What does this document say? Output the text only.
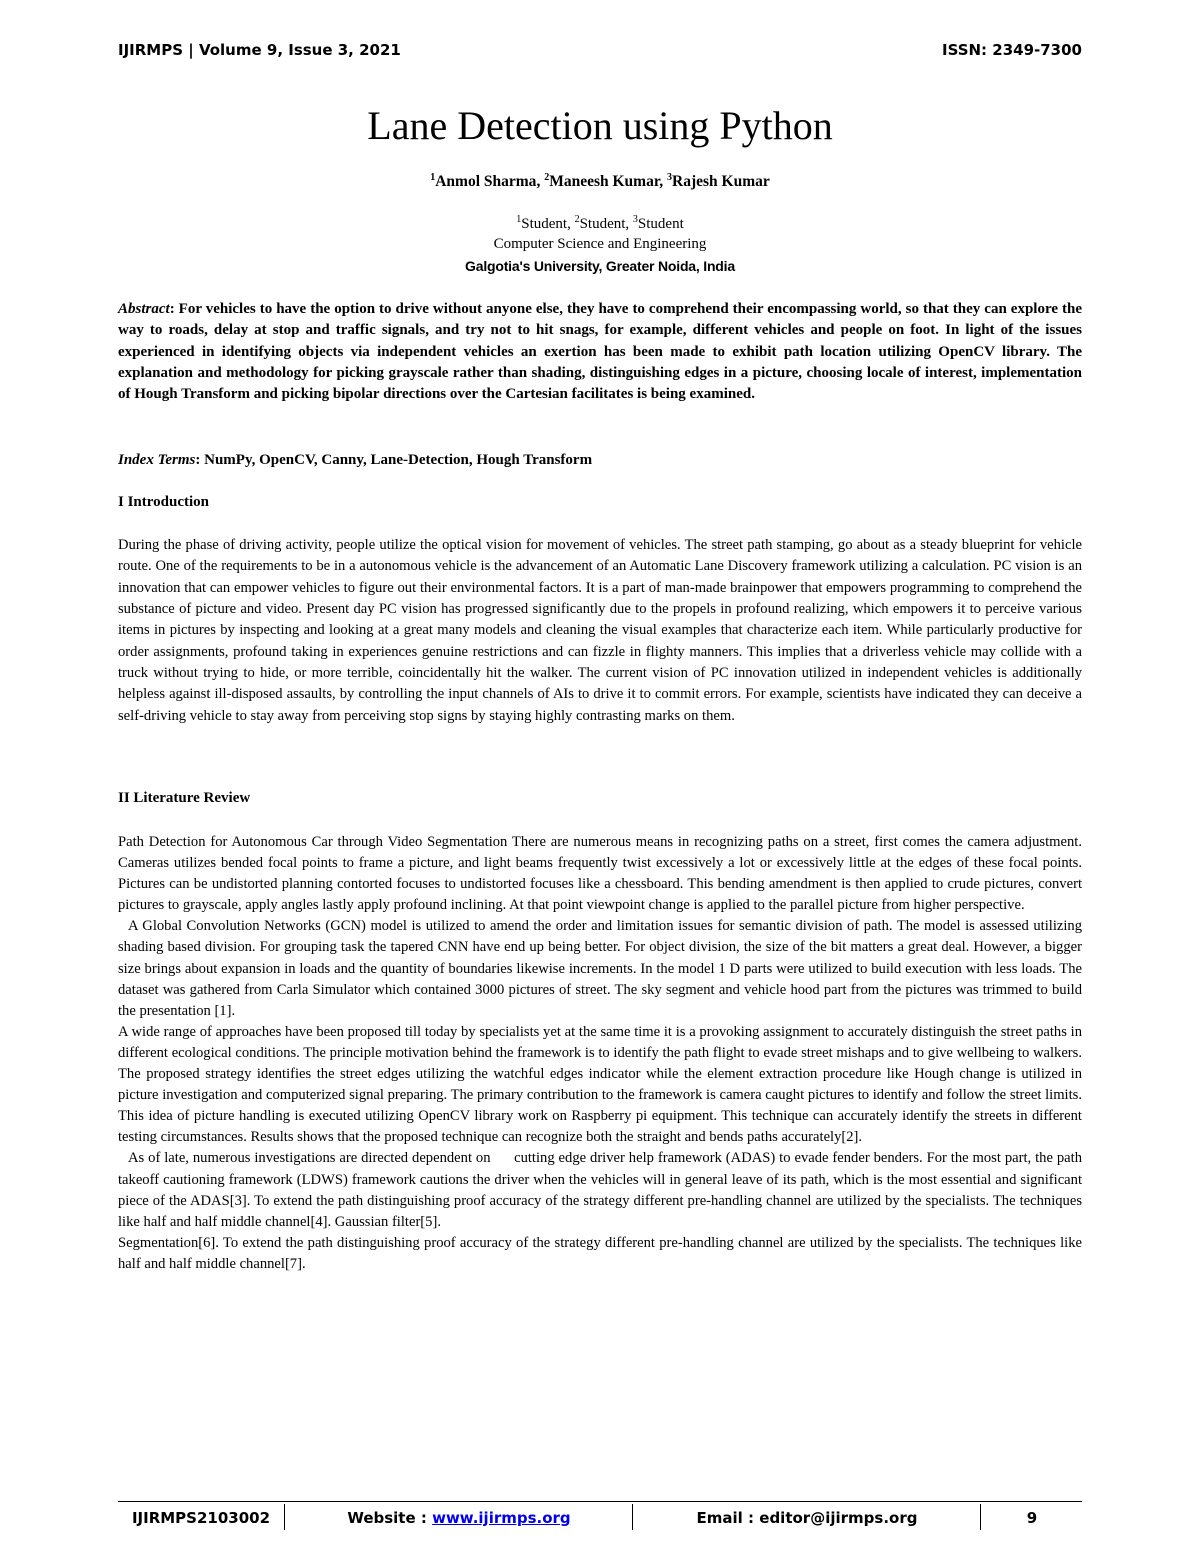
IJIRMPS | Volume 9, Issue 3, 2021	ISSN: 2349-7300
Lane Detection using Python
$^1$Anmol Sharma, $^2$Maneesh Kumar, $^3$Rajesh Kumar
$^1$Student, $^2$Student, $^3$Student
Computer Science and Engineering
Galgotia's University, Greater Noida, India
Abstract: For vehicles to have the option to drive without anyone else, they have to comprehend their encompassing world, so that they can explore the way to roads, delay at stop and traffic signals, and try not to hit snags, for example, different vehicles and people on foot. In light of the issues experienced in identifying objects via independent vehicles an exertion has been made to exhibit path location utilizing OpenCV library. The explanation and methodology for picking grayscale rather than shading, distinguishing edges in a picture, choosing locale of interest, implementation of Hough Transform and picking bipolar directions over the Cartesian facilitates is being examined.
Index Terms: NumPy, OpenCV, Canny, Lane-Detection, Hough Transform
I Introduction
During the phase of driving activity, people utilize the optical vision for movement of vehicles. The street path stamping, go about as a steady blueprint for vehicle route. One of the requirements to be in a autonomous vehicle is the advancement of an Automatic Lane Discovery framework utilizing a calculation. PC vision is an innovation that can empower vehicles to figure out their environmental factors. It is a part of man-made brainpower that empowers programming to comprehend the substance of picture and video. Present day PC vision has progressed significantly due to the propels in profound realizing, which empowers it to perceive various items in pictures by inspecting and looking at a great many models and cleaning the visual examples that characterize each item. While particularly productive for order assignments, profound taking in experiences genuine restrictions and can fizzle in flighty manners. This implies that a driverless vehicle may collide with a truck without trying to hide, or more terrible, coincidentally hit the walker. The current vision of PC innovation utilized in independent vehicles is additionally helpless against ill-disposed assaults, by controlling the input channels of AIs to drive it to commit errors. For example, scientists have indicated they can deceive a self-driving vehicle to stay away from perceiving stop signs by staying highly contrasting marks on them.
II Literature Review

Path Detection for Autonomous Car through Video Segmentation There are numerous means in recognizing paths on a street, first comes the camera adjustment. Cameras utilizes bended focal points to frame a picture, and light beams frequently twist excessively a lot or excessively little at the edges of these focal points. Pictures can be undistorted planning contorted focuses to undistorted focuses like a chessboard. This bending amendment is then applied to crude pictures, convert pictures to grayscale, apply angles lastly apply profound inclining. At that point viewpoint change is applied to the parallel picture from higher perspective.

A Global Convolution Networks (GCN) model is utilized to amend the order and limitation issues for semantic division of path. The model is assessed utilizing shading based division. For grouping task the tapered CNN have end up being better. For object division, the size of the bit matters a great deal. However, a bigger size brings about expansion in loads and the quantity of boundaries likewise increments. In the model 1 D parts were utilized to build execution with less loads. The dataset was gathered from Carla Simulator which contained 3000 pictures of street. The sky segment and vehicle hood part from the pictures was trimmed to build the presentation [1].

A wide range of approaches have been proposed till today by specialists yet at the same time it is a provoking assignment to accurately distinguish the street paths in different ecological conditions. The principle motivation behind the framework is to identify the path flight to evade street mishaps and to give wellbeing to walkers. The proposed strategy identifies the street edges utilizing the watchful edges indicator while the element extraction procedure like Hough change is utilized in picture investigation and computerized signal preparing. The primary contribution to the framework is camera caught pictures to identify and follow the street limits. This idea of picture handling is executed utilizing OpenCV library work on Raspberry pi equipment. This technique can accurately identify the streets in different testing circumstances. Results shows that the proposed technique can recognize both the straight and bends paths accurately[2].

As of late, numerous investigations are directed dependent on      cutting edge driver help framework (ADAS) to evade fender benders. For the most part, the path takeoff cautioning framework (LDWS) framework cautions the driver when the vehicles will in general leave of its path, which is the most essential and significant piece of the ADAS[3]. To extend the path distinguishing proof accuracy of the strategy different pre-handling channel are utilized by the specialists. The techniques like half and half middle channel[4]. Gaussian filter[5].

Segmentation[6]. To extend the path distinguishing proof accuracy of the strategy different pre-handling channel are utilized by the specialists. The techniques like half and half middle channel[7].

IJIRMPS2103002	Website : www.ijirmps.org	Email : editor@ijirmps.org	9
